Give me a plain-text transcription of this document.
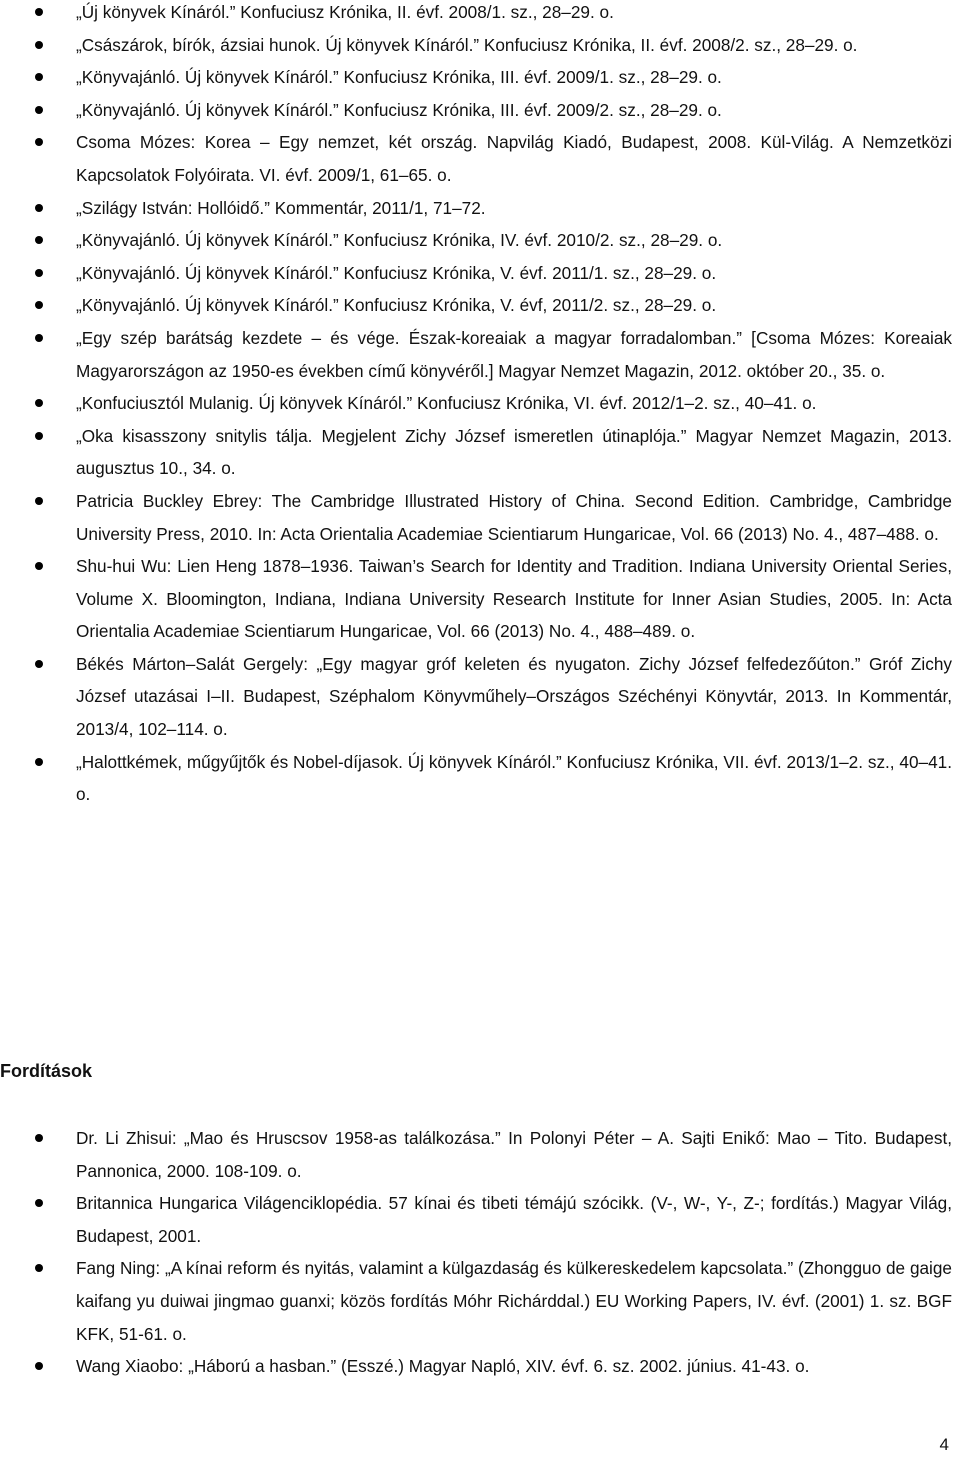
„Új könyvek Kínáról.” Konfuciusz Krónika, II. évf. 2008/1. sz., 28–29. o.
„Császárok, bírók, ázsiai hunok. Új könyvek Kínáról.” Konfuciusz Krónika, II. évf. 2008/2. sz., 28–29. o.
„Könyvajánló. Új könyvek Kínáról.” Konfuciusz Krónika, III. évf. 2009/1. sz., 28–29. o.
„Könyvajánló. Új könyvek Kínáról.” Konfuciusz Krónika, III. évf. 2009/2. sz., 28–29. o.
Csoma Mózes: Korea – Egy nemzet, két ország. Napvilág Kiadó, Budapest, 2008. Kül-Világ. A Nemzetközi Kapcsolatok Folyóirata. VI. évf. 2009/1, 61–65. o.
„Szilágy István: Hollóidő.” Kommentár, 2011/1, 71–72.
„Könyvajánló. Új könyvek Kínáról.” Konfuciusz Krónika, IV. évf. 2010/2. sz., 28–29. o.
„Könyvajánló. Új könyvek Kínáról.” Konfuciusz Krónika, V. évf. 2011/1. sz., 28–29. o.
„Könyvajánló. Új könyvek Kínáról.” Konfuciusz Krónika, V. évf, 2011/2. sz., 28–29. o.
„Egy szép barátság kezdete – és vége. Észak-koreaiak a magyar forradalomban.” [Csoma Mózes: Koreaiak Magyarországon az 1950-es években című könyvéről.] Magyar Nemzet Magazin, 2012. október 20., 35. o.
„Konfuciusztól Mulanig. Új könyvek Kínáról.” Konfuciusz Krónika, VI. évf. 2012/1–2. sz., 40–41. o.
„Oka kisasszony snitylis tálja. Megjelent Zichy József ismeretlen útinaplója.” Magyar Nemzet Magazin, 2013. augusztus 10., 34. o.
Patricia Buckley Ebrey: The Cambridge Illustrated History of China. Second Edition. Cambridge, Cambridge University Press, 2010. In: Acta Orientalia Academiae Scientiarum Hungaricae, Vol. 66 (2013) No. 4., 487–488. o.
Shu-hui Wu: Lien Heng 1878–1936. Taiwan’s Search for Identity and Tradition. Indiana University Oriental Series, Volume X. Bloomington, Indiana, Indiana University Research Institute for Inner Asian Studies, 2005. In: Acta Orientalia Academiae Scientiarum Hungaricae, Vol. 66 (2013) No. 4., 488–489. o.
Békés Márton–Salát Gergely: „Egy magyar gróf keleten és nyugaton. Zichy József felfedezőúton.” Gróf Zichy József utazásai I–II. Budapest, Széphalom Könyvműhely–Országos Széchényi Könyvtár, 2013. In Kommentár, 2013/4, 102–114. o.
„Halottkémek, műgyűjtők és Nobel-díjasok. Új könyvek Kínáról.” Konfuciusz Krónika, VII. évf. 2013/1–2. sz., 40–41. o.
Fordítások
Dr. Li Zhisui: „Mao és Hruscsov 1958-as találkozása.” In Polonyi Péter – A. Sajti Enikő: Mao – Tito. Budapest, Pannonica, 2000. 108-109. o.
Britannica Hungarica Világenciklopédia. 57 kínai és tibeti témájú szócikk. (V-, W-, Y-, Z-; fordítás.) Magyar Világ, Budapest, 2001.
Fang Ning: „A kínai reform és nyitás, valamint a külgazdaság és külkereskedelem kapcsolata.” (Zhongguo de gaige kaifang yu duiwai jingmao guanxi; közös fordítás Móhr Richárddal.) EU Working Papers, IV. évf. (2001) 1. sz. BGF KFK, 51-61. o.
Wang Xiaobo: „Háború a hasban.” (Esszé.) Magyar Napló, XIV. évf. 6. sz. 2002. június. 41-43. o.
4
